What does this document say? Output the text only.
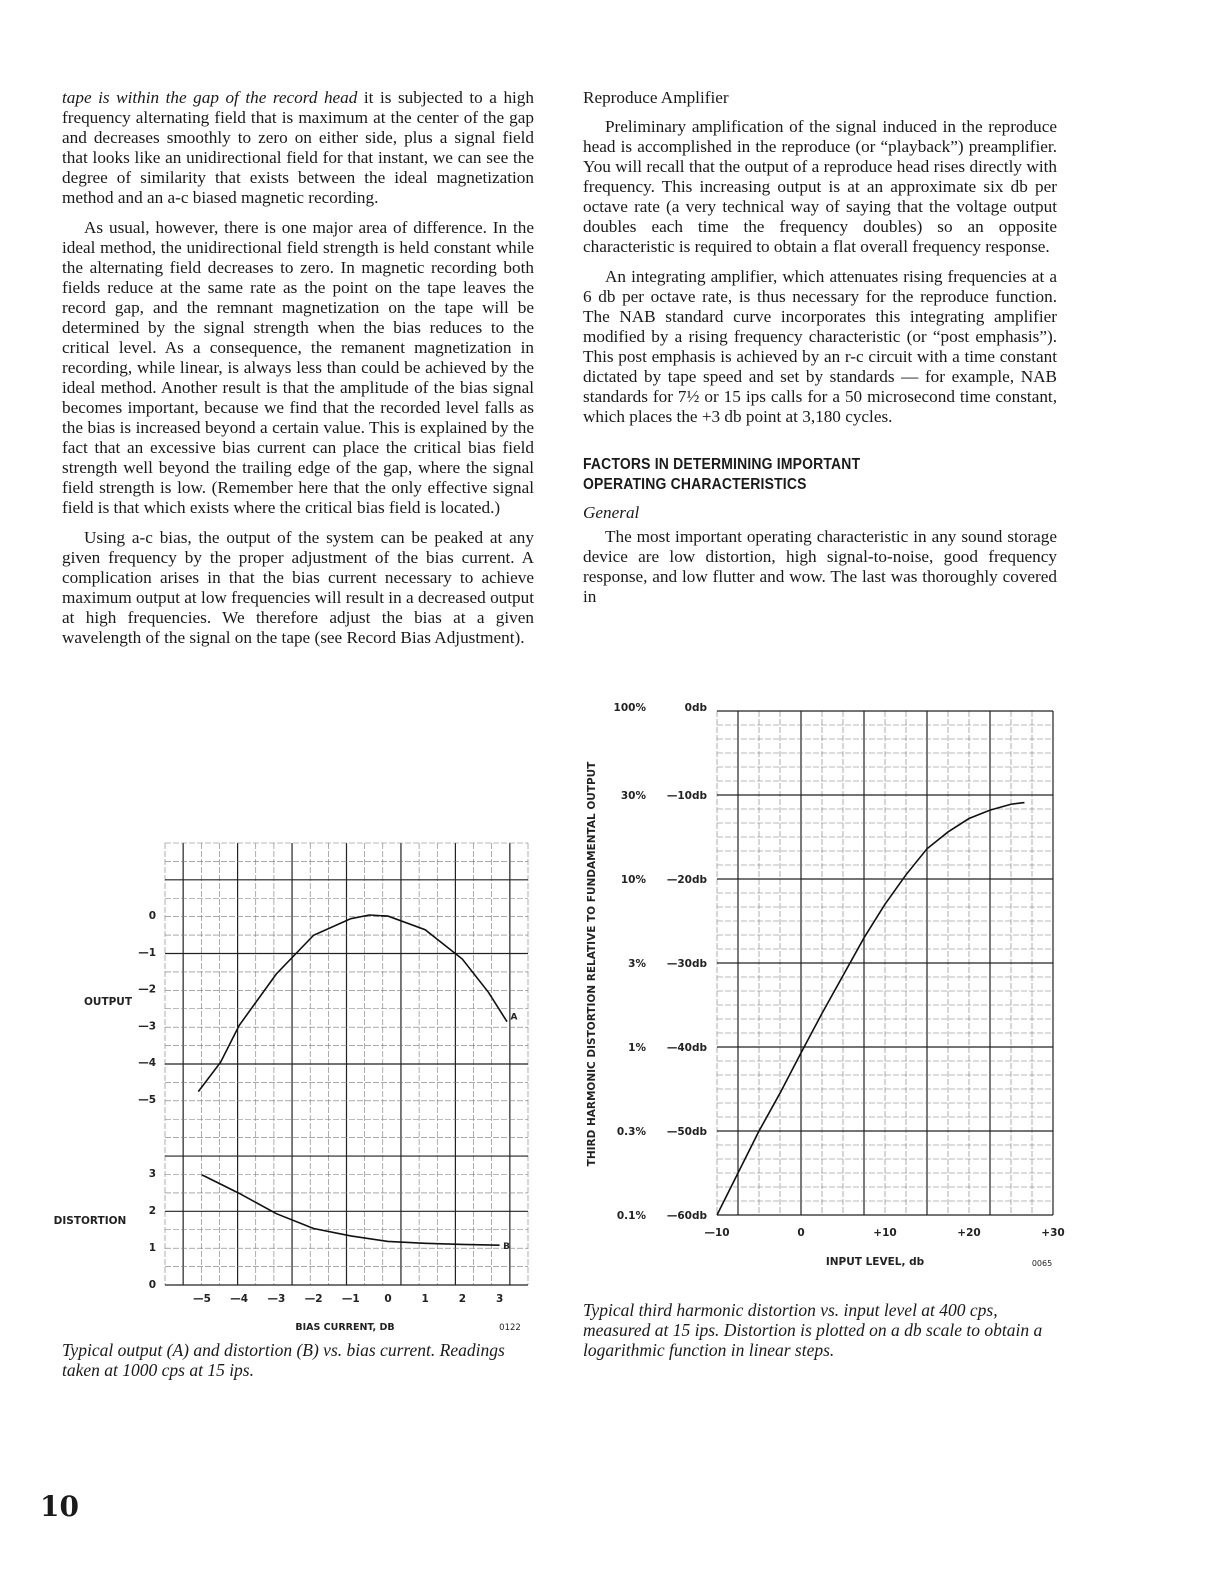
tape is within the gap of the record head it is subjected to a high frequency alternating field that is maximum at the center of the gap and decreases smoothly to zero on either side, plus a signal field that looks like an unidirectional field for that instant, we can see the degree of similarity that exists between the ideal magnetization method and an a-c biased magnetic recording.

As usual, however, there is one major area of difference. In the ideal method, the unidirectional field strength is held constant while the alternating field decreases to zero. In magnetic recording both fields reduce at the same rate as the point on the tape leaves the record gap, and the remnant magnetization on the tape will be determined by the signal strength when the bias reduces to the critical level. As a consequence, the remanent magnetization in recording, while linear, is always less than could be achieved by the ideal method. Another result is that the amplitude of the bias signal becomes important, because we find that the recorded level falls as the bias is increased beyond a certain value. This is explained by the fact that an excessive bias current can place the critical bias field strength well beyond the trailing edge of the gap, where the signal field strength is low. (Remember here that the only effective signal field is that which exists where the critical bias field is located.)

Using a-c bias, the output of the system can be peaked at any given frequency by the proper adjustment of the bias current. A complication arises in that the bias current necessary to achieve maximum output at low frequencies will result in a decreased output at high frequencies. We therefore adjust the bias at a given wavelength of the signal on the tape (see Record Bias Adjustment).

Reproduce Amplifier

Preliminary amplification of the signal induced in the reproduce head is accomplished in the reproduce (or “playback”) preamplifier. You will recall that the output of a reproduce head rises directly with frequency. This increasing output is at an approximate six db per octave rate (a very technical way of saying that the voltage output doubles each time the frequency doubles) so an opposite characteristic is required to obtain a flat overall frequency response.

An integrating amplifier, which attenuates rising frequencies at a 6 db per octave rate, is thus necessary for the reproduce function. The NAB standard curve incorporates this integrating amplifier modified by a rising frequency characteristic (or “post emphasis”). This post emphasis is achieved by an r-c circuit with a time constant dictated by tape speed and set by standards — for example, NAB standards for 7½ or 15 ips calls for a 50 microsecond time constant, which places the +3 db point at 3,180 cycles.

FACTORS IN DETERMINING IMPORTANT
OPERATING CHARACTERISTICS

General

The most important operating characteristic in any sound storage device are low distortion, high signal-to-noise, good frequency response, and low flutter and wow. The last was thoroughly covered in

—5 —4 —3 —2 —1 0	1	2	3
0
—1
—2
—3
—4
—5
3
2
1
0
OUTPUT
DISTORTION
BIAS CURRENT, DB	0122
A
B
—10	0	+10	+20	+30
0db
—10db
—20db
—30db
—40db
—50db
—60db
100%
30%
10%
3%
1%
0.3%
0.1%
INPUT LEVEL, db	0065
THIRD HARMONIC DISTORTION RELATIVE TO FUNDAMENTAL OUTPUT
Typical output (A) and distortion (B) vs. bias current. Readings taken at 1000 cps at 15 ips.
Typical third harmonic distortion vs. input level at 400 cps, measured at 15 ips. Distortion is plotted on a db scale to obtain a logarithmic function in linear steps.
10
